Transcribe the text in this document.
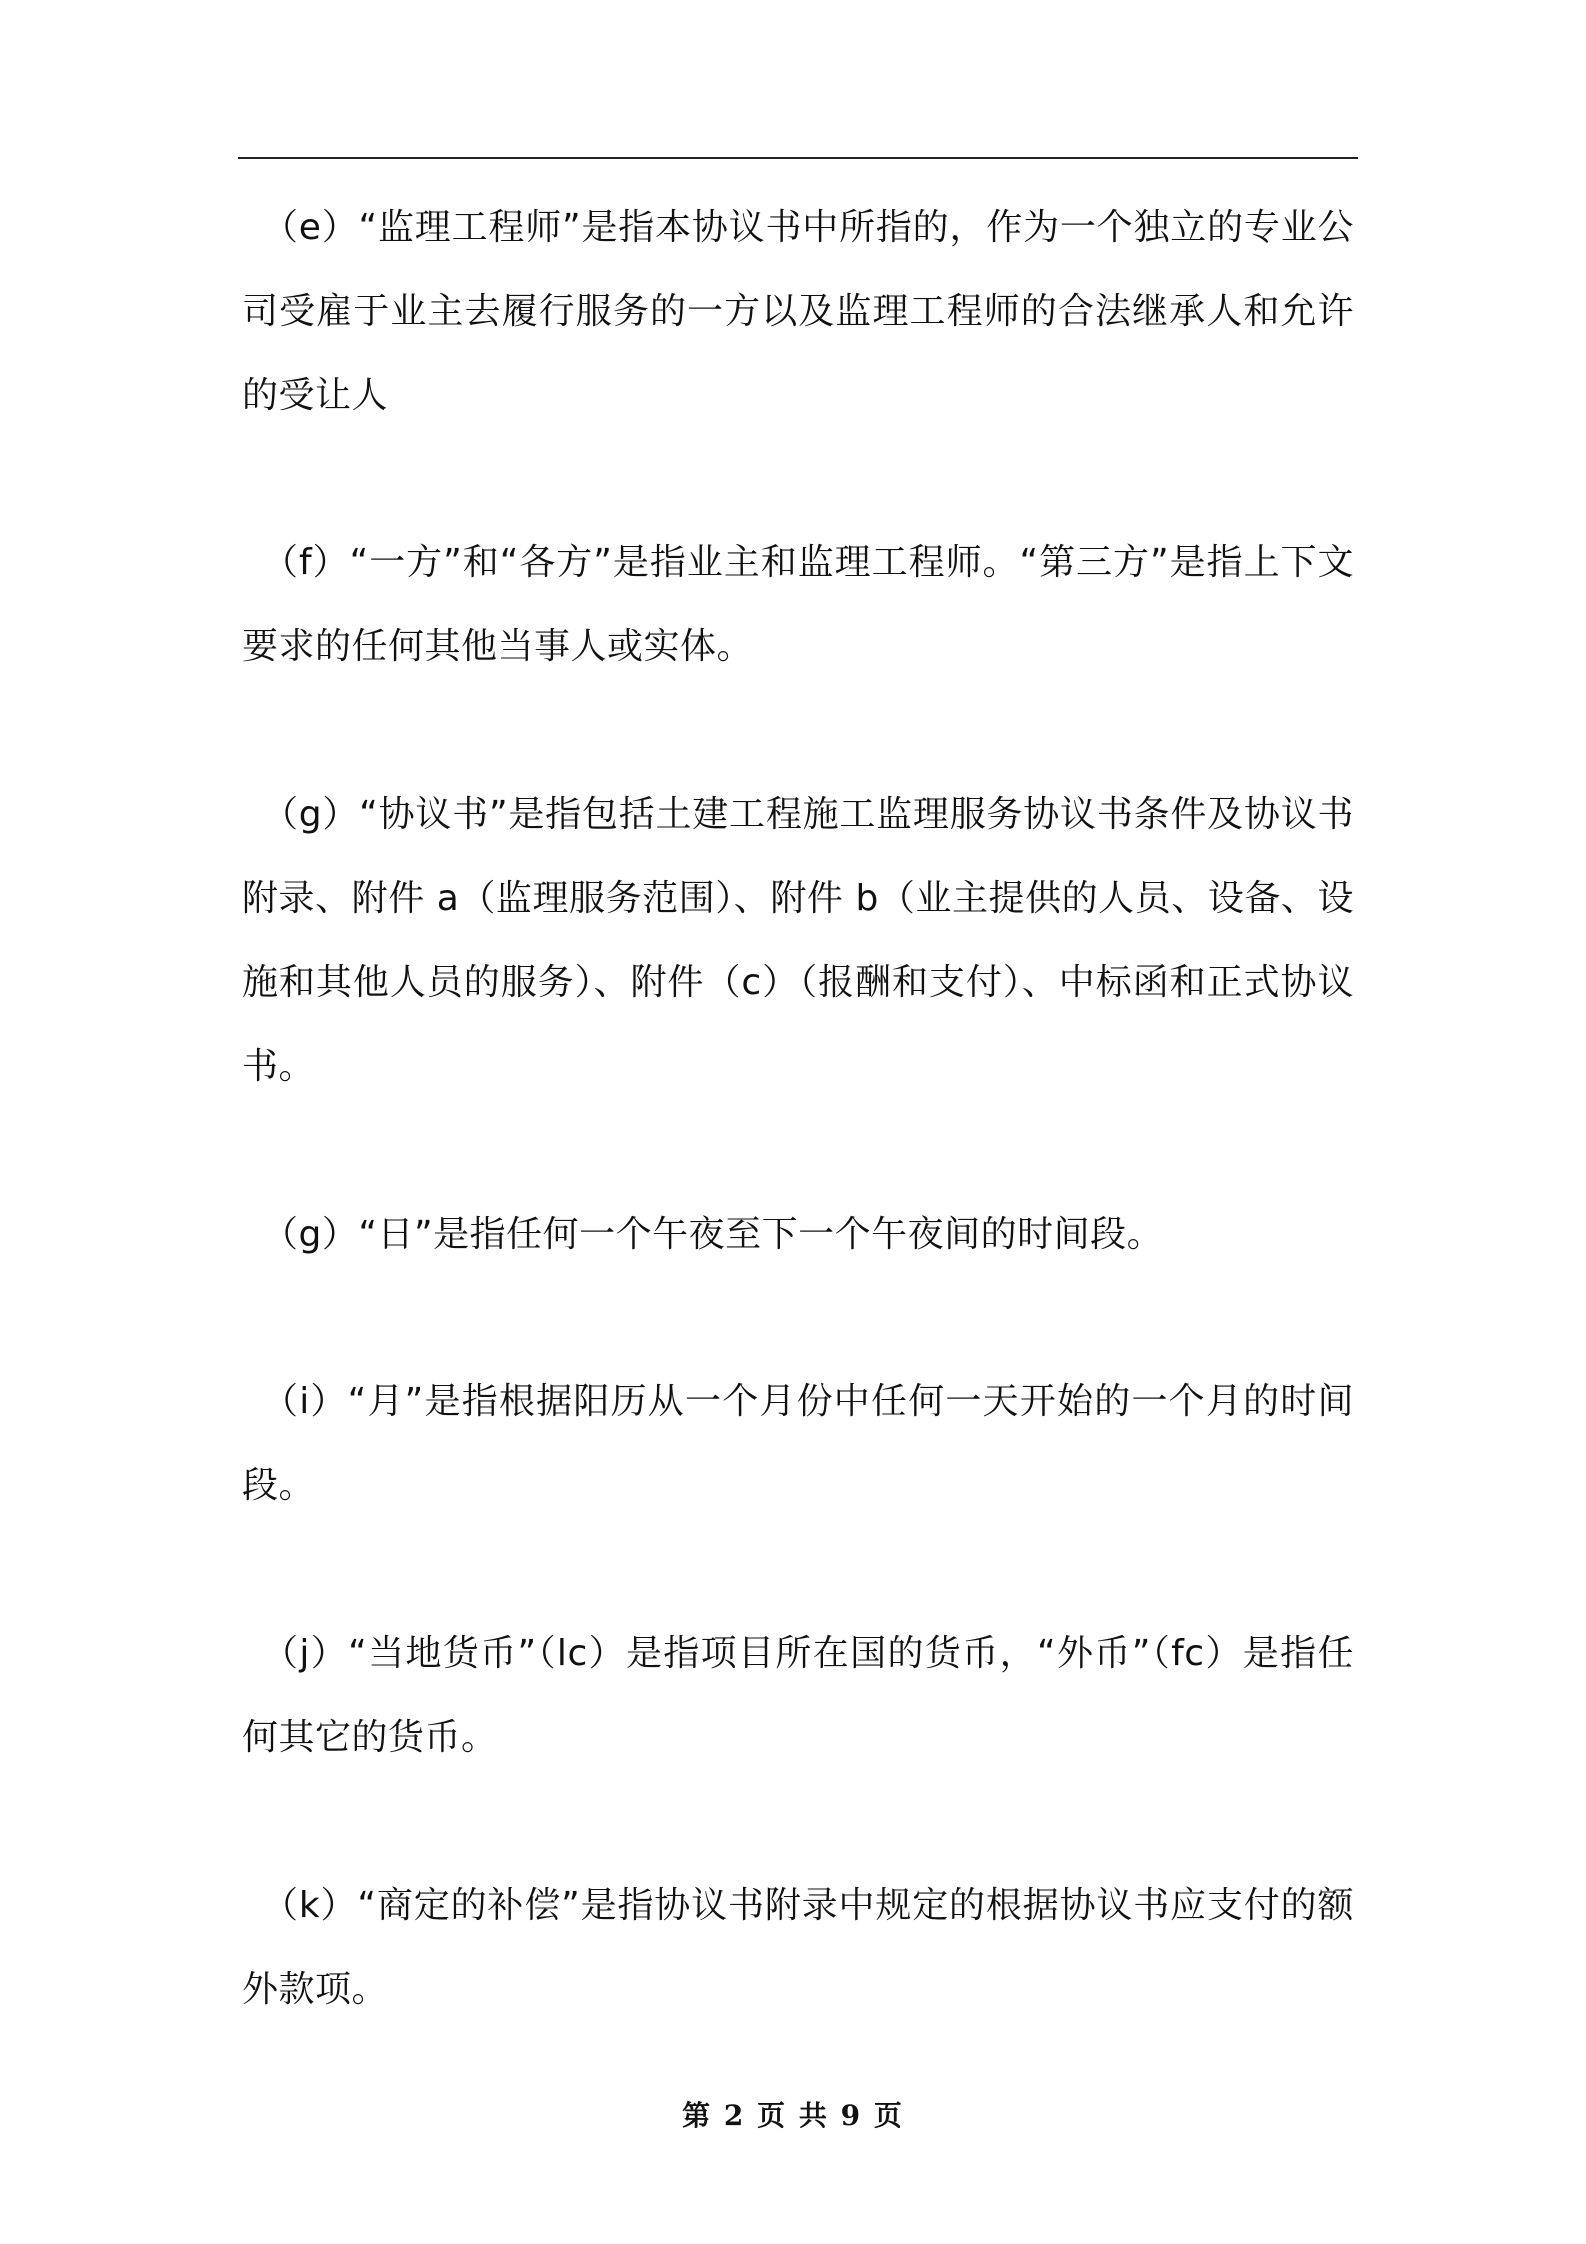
（e）“监理工程师”是指本协议书中所指的，作为一个独立的专业公司受雇于业主去履行服务的一方以及监理工程师的合法继承人和允许的受让人

（f）“一方”和“各方”是指业主和监理工程师。“第三方”是指上下文要求的任何其他当事人或实体。

（g）“协议书”是指包括土建工程施工监理服务协议书条件及协议书附录、附件 a（监理服务范围）、附件 b（业主提供的人员、设备、设施和其他人员的服务）、附件（c）（报酬和支付）、中标函和正式协议书。

（g）“日”是指任何一个午夜至下一个午夜间的时间段。

（i）“月”是指根据阳历从一个月份中任何一天开始的一个月的时间段。

（j）“当地货币”（lc）是指项目所在国的货币，“外币”（fc）是指任何其它的货币。

（k）“商定的补偿”是指协议书附录中规定的根据协议书应支付的额外款项。

第 2 页 共 9 页
